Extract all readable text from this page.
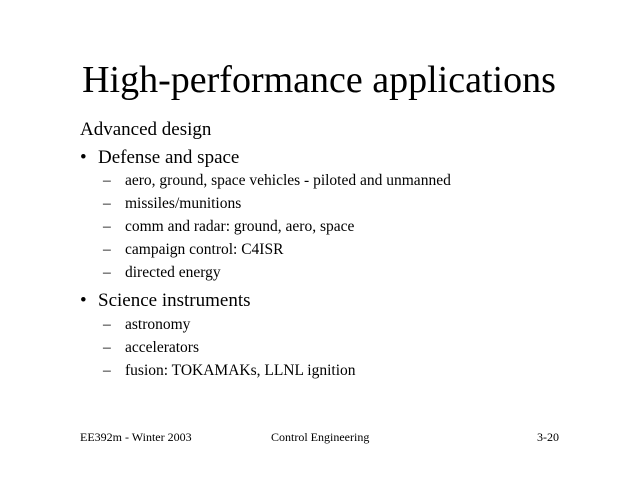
High-performance applications
Advanced design
• Defense and space
– aero, ground, space vehicles - piloted and unmanned
– missiles/munitions
– comm and radar: ground, aero, space
– campaign control: C4ISR
– directed energy
• Science instruments
– astronomy
– accelerators
– fusion: TOKAMAKs, LLNL ignition
EE392m - Winter 2003	Control Engineering	3-20
